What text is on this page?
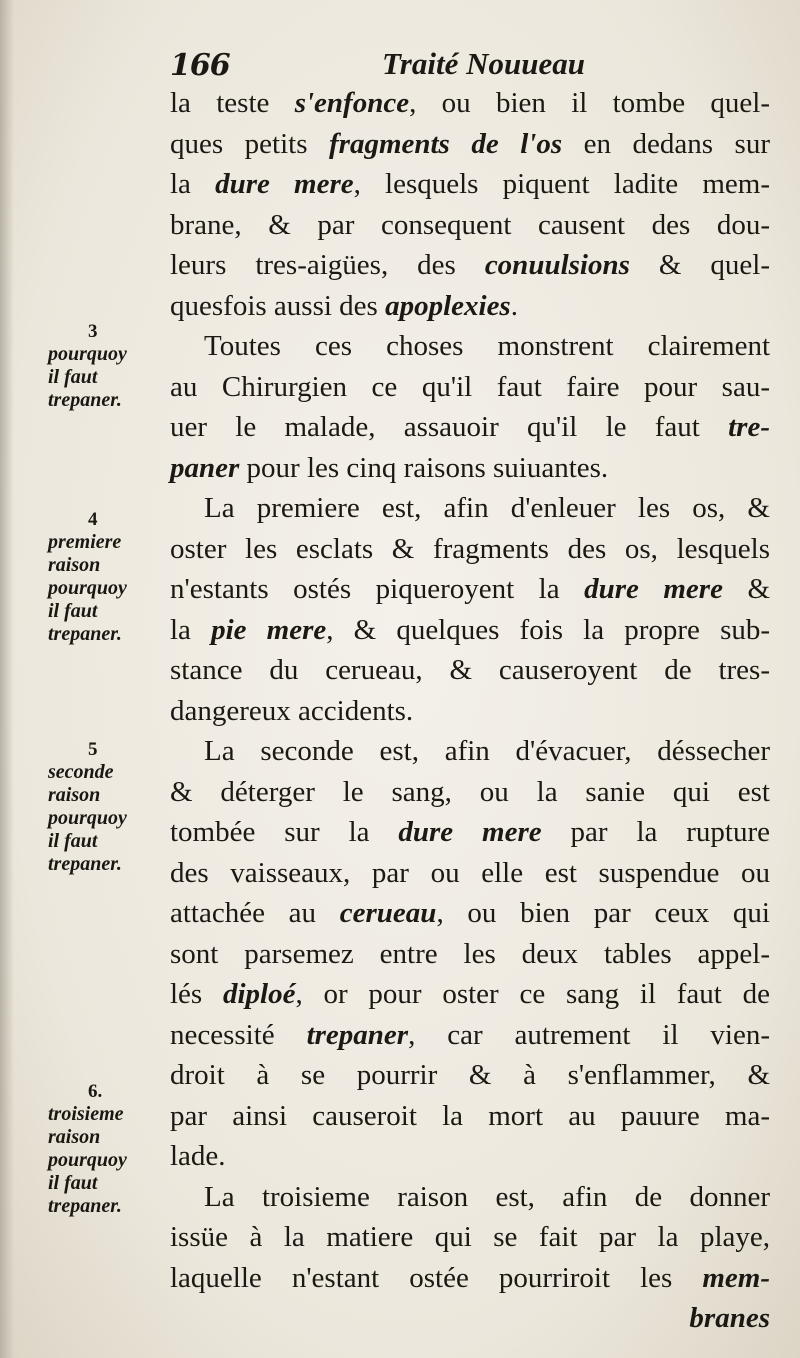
166	Traité Nouueau
3
pourquoy
il faut
trepaner.
4
premiere
raison
pourquoy
il faut
trepaner.
5
seconde
raison
pourquoy
il faut
trepaner.
6.
troisieme
raison
pourquoy
il faut
trepaner.
la teste s'enfonce, ou bien il tombe quel-
ques petits fragments de l'os en dedans sur
la dure mere, lesquels piquent ladite mem-
brane, & par consequent causent des dou-
leurs tres-aigües, des conuulsions & quel-
quesfois aussi des apoplexies.
Toutes ces choses monstrent clairement
au Chirurgien ce qu'il faut faire pour sau-
uer le malade, assauoir qu'il le faut tre-
paner pour les cinq raisons suiuantes.
La premiere est, afin d'enleuer les os, &
oster les esclats & fragments des os, lesquels
n'estants ostés piqueroyent la dure mere &
la pie mere, & quelques fois la propre sub-
stance du cerueau, & causeroyent de tres-
dangereux accidents.
La seconde est, afin d'évacuer, déssecher
& déterger le sang, ou la sanie qui est
tombée sur la dure mere par la rupture
des vaisseaux, par ou elle est suspendue ou
attachée au cerueau, ou bien par ceux qui
sont parsemez entre les deux tables appel-
lés diploé, or pour oster ce sang il faut de
necessité trepaner, car autrement il vien-
droit à se pourrir & à s'enflammer, &
par ainsi causeroit la mort au pauure ma-
lade.
La troisieme raison est, afin de donner
issüe à la matiere qui se fait par la playe,
laquelle n'estant ostée pourriroit les mem-
branes
